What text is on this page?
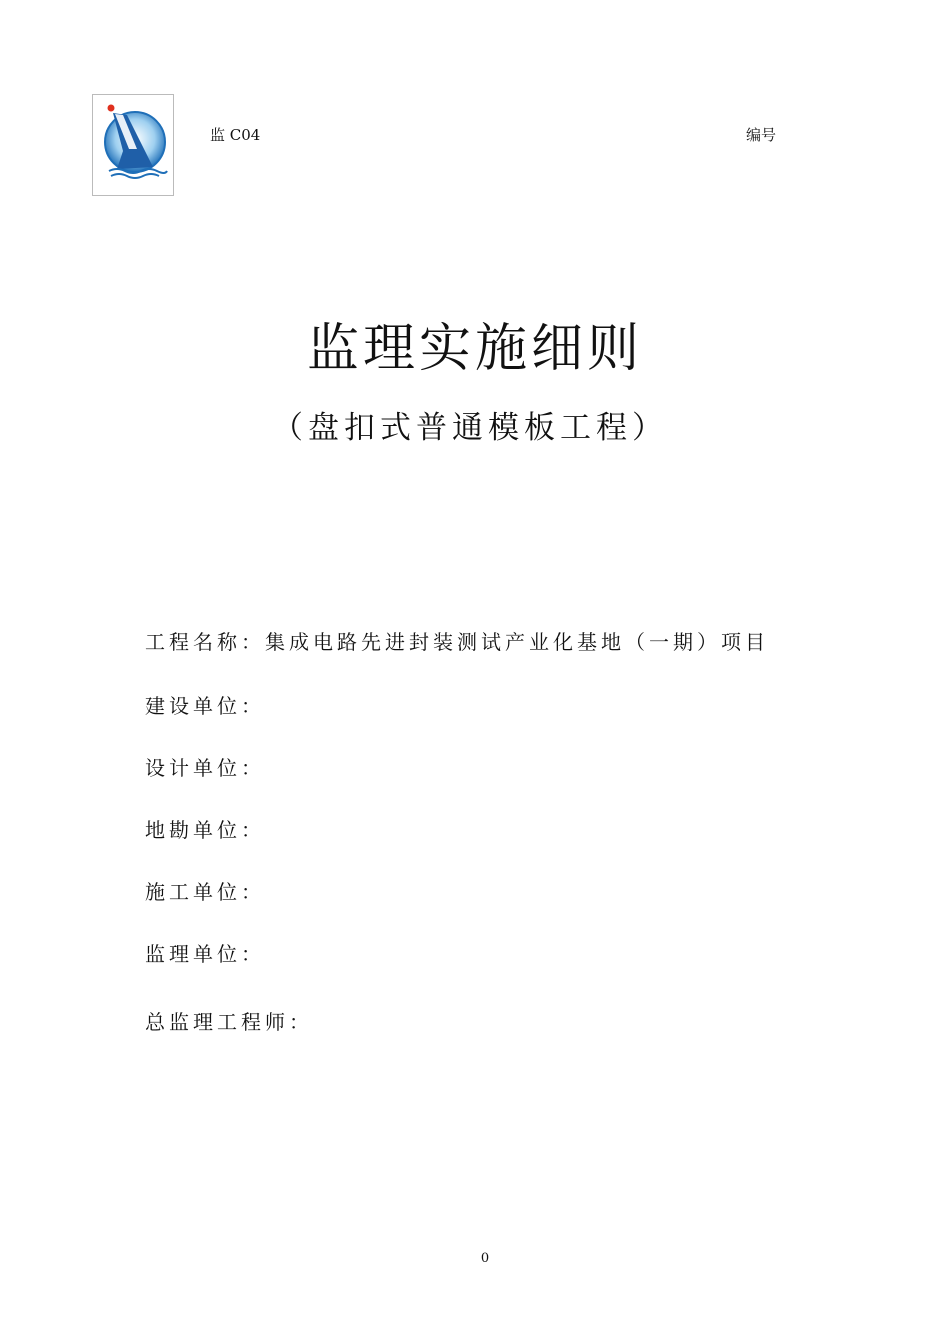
监 C04	编号
监理实施细则
（盘扣式普通模板工程）
工程名称：集成电路先进封装测试产业化基地（一期）项目
建设单位：
设计单位：
地勘单位：
施工单位：
监理单位：
总监理工程师：
0
